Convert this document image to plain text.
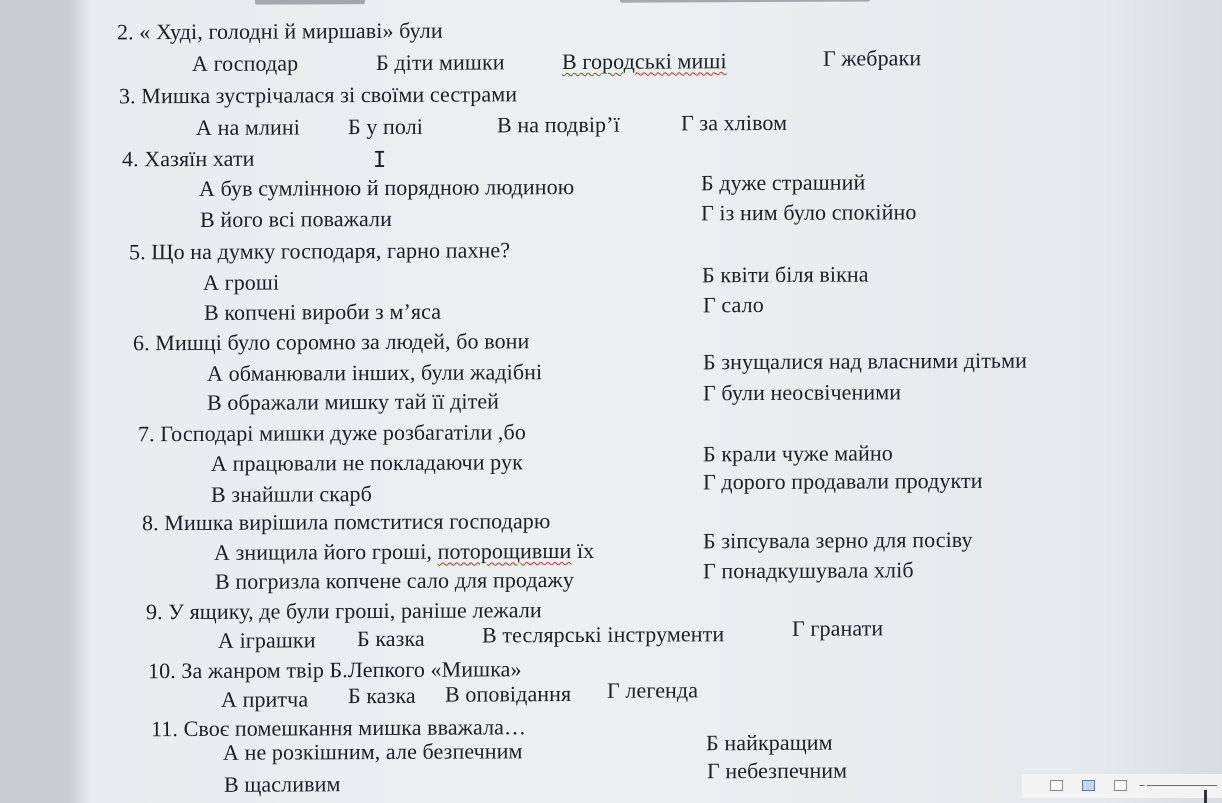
2. « Худі, голодні й миршаві» були
А господар	Б діти мишки	В городські миші	Г жебраки
3. Мишка зустрічалася зі своїми сестрами
А на млині Б у полі	В на подвір’ї	Г за хлівом
4. Хазяїн хати
А був сумлінною й порядною людиною	Б дуже страшний
В його всі поважали	Г із ним було спокійно
5. Що на думку господаря, гарно пахне?
А гроші	Б квіти біля вікна
В копчені вироби з м’яса	Г сало
6. Мишці було соромно за людей, бо вони
А обманювали інших, були жадібні	Б знущалися над власними дітьми
В ображали мишку тай її дітей	Г були неосвіченими
7. Господарі мишки дуже розбагатіли ,бо
А працювали не покладаючи рук	Б крали чуже майно
В знайшли скарб	Г дорого продавали продукти
8. Мишка вирішила помститися господарю
А знищила його гроші, поторощивши їх	Б зіпсувала зерно для посіву
В погризла копчене сало для продажу	Г понадкушувала хліб
9. У ящику, де були гроші, раніше лежали
А іграшки Б казка	В теслярські інструменти	Г гранати
10. За жанром твір Б.Лепкого «Мишка»
А притча Б казка В оповідання Г легенда
11. Своє помешкання мишка вважала…
А не розкішним, але безпечним	Б найкращим
В щасливим
Г небезпечним
I
–
